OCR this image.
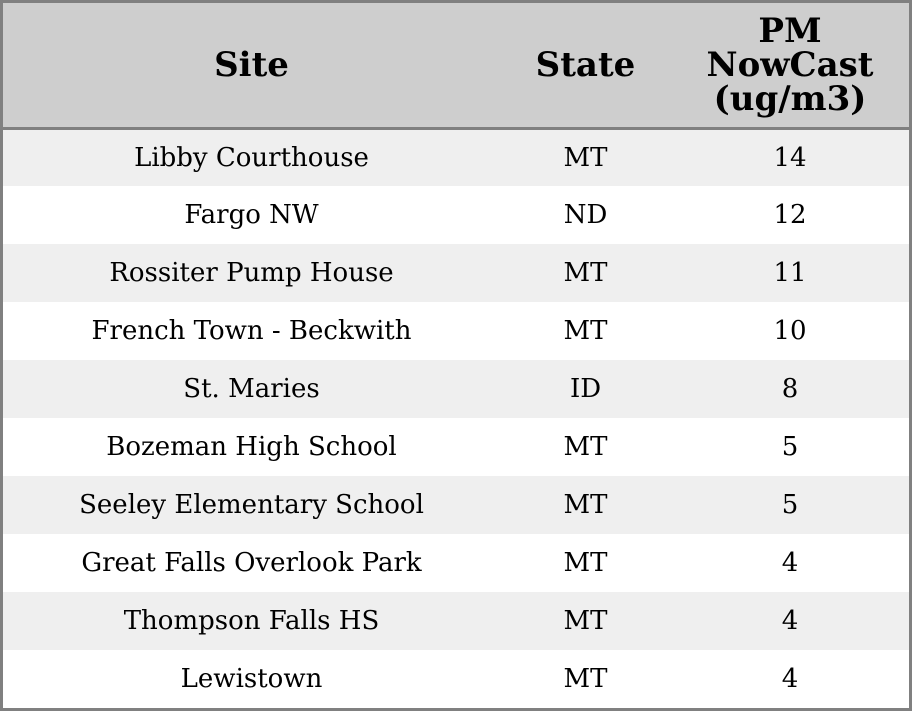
Site	State	PM
NowCast
(ug/m3)
Libby Courthouse	MT	14
Fargo NW	ND	12
Rossiter Pump House	MT	11
French Town - Beckwith	MT	10
St. Maries	ID	8
Bozeman High School	MT	5
Seeley Elementary School	MT	5
Great Falls Overlook Park	MT	4
Thompson Falls HS	MT	4
Lewistown	MT	4
